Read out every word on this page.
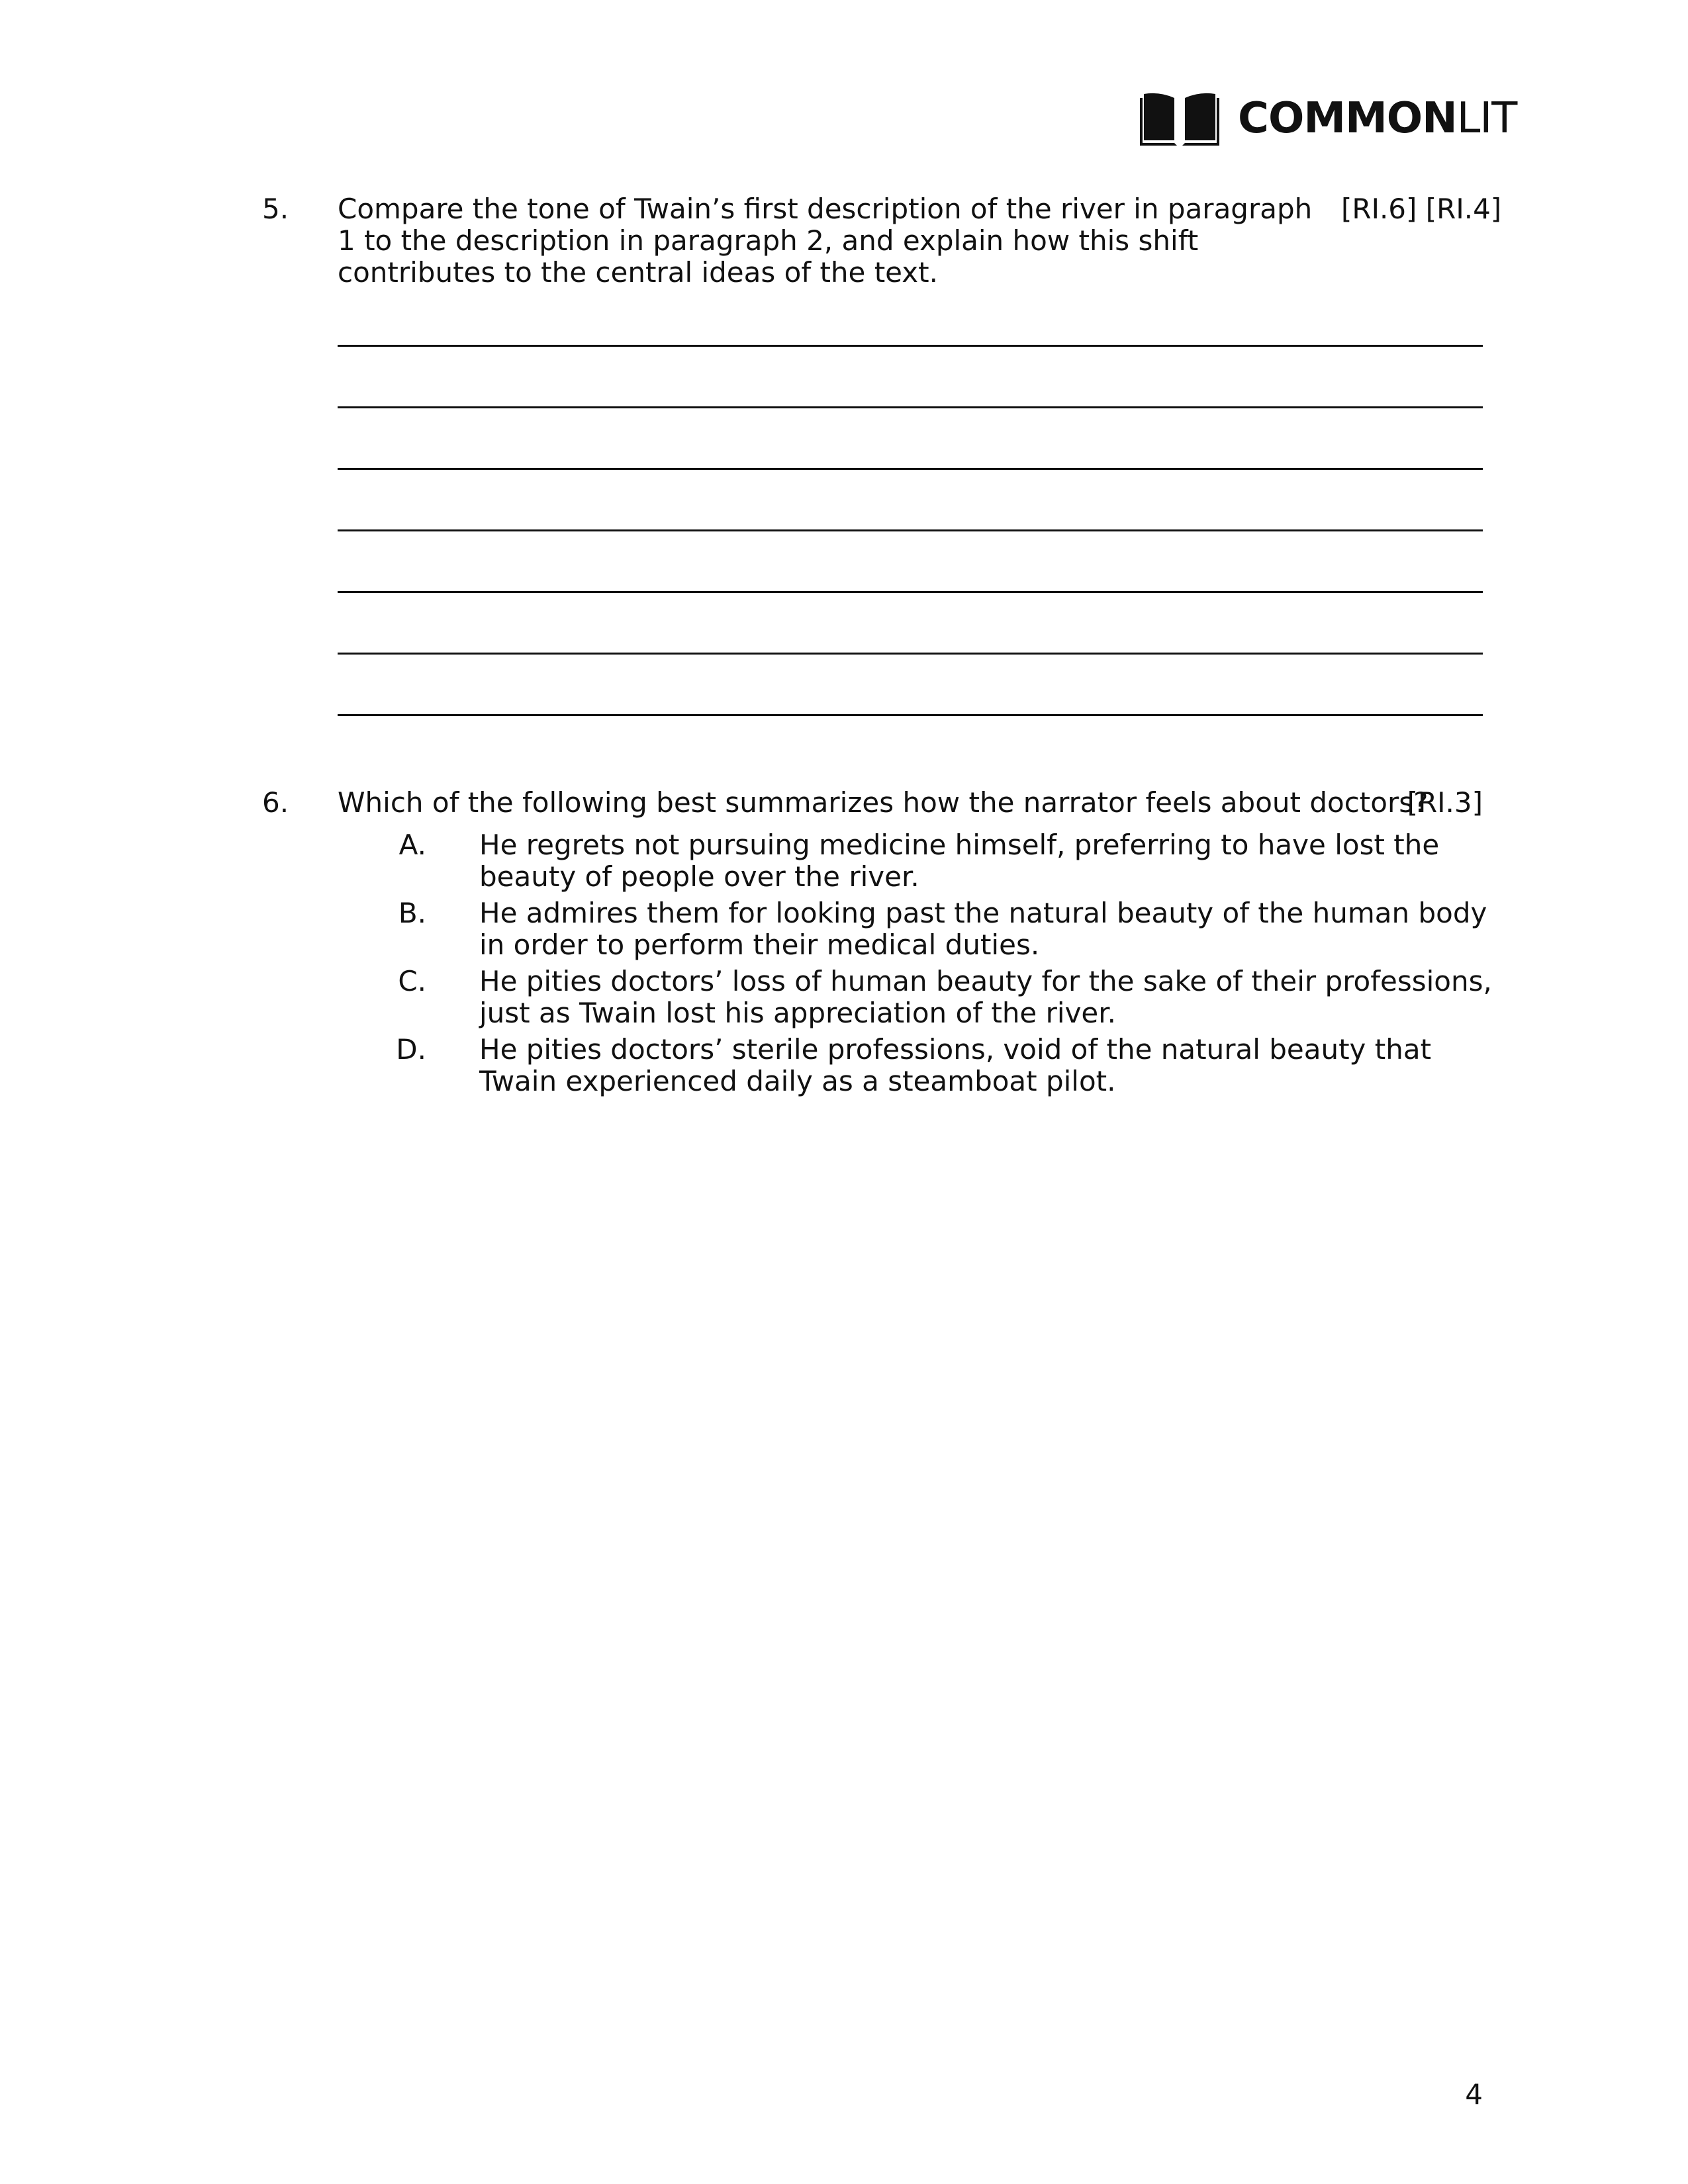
COMMONLIT
5. Compare the tone of Twain’s first description of the river in paragraph 1 to the description in paragraph 2, and explain how this shift contributes to the central ideas of the text.
[RI.6] [RI.4]
6. Which of the following best summarizes how the narrator feels about doctors?
[RI.3]
A. He regrets not pursuing medicine himself, preferring to have lost the beauty of people over the river.
B. He admires them for looking past the natural beauty of the human body in order to perform their medical duties.
C. He pities doctors’ loss of human beauty for the sake of their professions, just as Twain lost his appreciation of the river.
D. He pities doctors’ sterile professions, void of the natural beauty that Twain experienced daily as a steamboat pilot.
4
